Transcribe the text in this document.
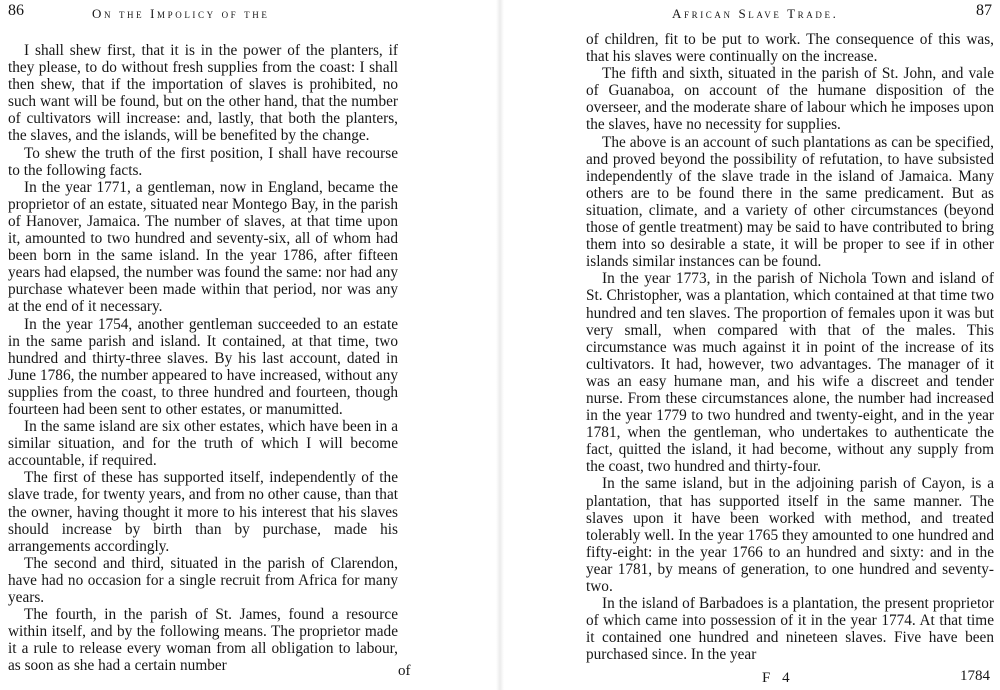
86	On the Impolicy of the

I shall shew first, that it is in the power of the planters, if they please, to do without fresh supplies from the coast: I shall then shew, that if the importation of slaves is prohibited, no such want will be found, but on the other hand, that the number of cultivators will increase: and, lastly, that both the planters, the slaves, and the islands, will be benefited by the change.

To shew the truth of the first position, I shall have recourse to the following facts.

In the year 1771, a gentleman, now in England, became the proprietor of an estate, situated near Montego Bay, in the parish of Hanover, Jamaica. The number of slaves, at that time upon it, amounted to two hundred and seventy-six, all of whom had been born in the same island. In the year 1786, after fifteen years had elapsed, the number was found the same: nor had any purchase whatever been made within that period, nor was any at the end of it necessary.

In the year 1754, another gentleman succeeded to an estate in the same parish and island. It contained, at that time, two hundred and thirty-three slaves. By his last account, dated in June 1786, the number appeared to have increased, without any supplies from the coast, to three hundred and fourteen, though fourteen had been sent to other estates, or manumitted.

In the same island are six other estates, which have been in a similar situation, and for the truth of which I will become accountable, if required.

The first of these has supported itself, independently of the slave trade, for twenty years, and from no other cause, than that the owner, having thought it more to his interest that his slaves should increase by birth than by purchase, made his arrangements accordingly.

The second and third, situated in the parish of Clarendon, have had no occasion for a single recruit from Africa for many years.

The fourth, in the parish of St. James, found a resource within itself, and by the following means. The proprietor made it a rule to release every woman from all obligation to labour, as soon as she had a certain number	of
87
African Slave Trade.

of children, fit to be put to work. The consequence of this was, that his slaves were continually on the increase.

The fifth and sixth, situated in the parish of St. John, and vale of Guanaboa, on account of the humane disposition of the overseer, and the moderate share of labour which he imposes upon the slaves, have no necessity for supplies.

The above is an account of such plantations as can be specified, and proved beyond the possibility of refutation, to have subsisted independently of the slave trade in the island of Jamaica. Many others are to be found there in the same predicament. But as situation, climate, and a variety of other circumstances (beyond those of gentle treatment) may be said to have contributed to bring them into so desirable a state, it will be proper to see if in other islands similar instances can be found.

In the year 1773, in the parish of Nichola Town and island of St. Christopher, was a plantation, which contained at that time two hundred and ten slaves. The proportion of females upon it was but very small, when compared with that of the males. This circumstance was much against it in point of the increase of its cultivators. It had, however, two advantages. The manager of it was an easy humane man, and his wife a discreet and tender nurse. From these circumstances alone, the number had increased in the year 1779 to two hundred and twenty-eight, and in the year 1781, when the gentleman, who undertakes to authenticate the fact, quitted the island, it had become, without any supply from the coast, two hundred and thirty-four.

In the same island, but in the adjoining parish of Cayon, is a plantation, that has supported itself in the same manner. The slaves upon it have been worked with method, and treated tolerably well. In the year 1765 they amounted to one hundred and fifty-eight: in the year 1766 to an hundred and sixty: and in the year 1781, by means of generation, to one hundred and seventy-two.

In the island of Barbadoes is a plantation, the present proprietor of which came into possession of it in the year 1774. At that time it contained one hundred and nineteen slaves. Five have been purchased since. In the year

F 4	1784
